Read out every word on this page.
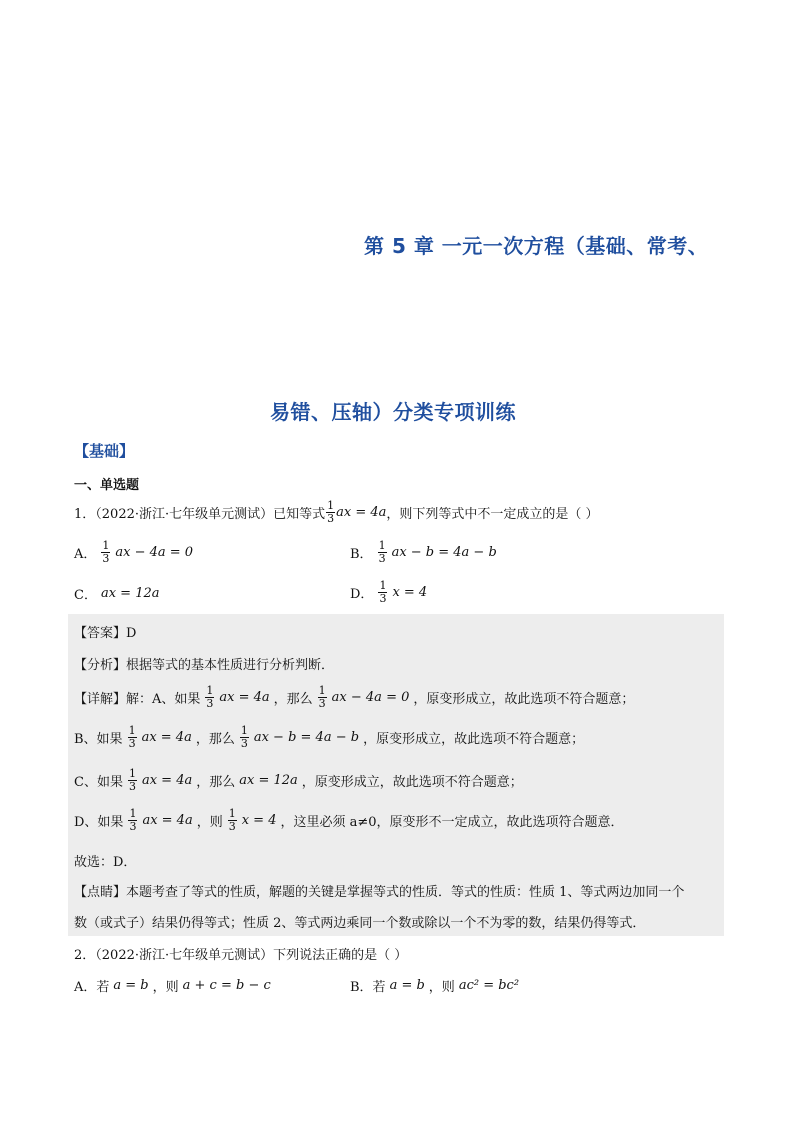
第 5 章 一元一次方程（基础、常考、
易错、压轴）分类专项训练
【基础】
一、单选题
1．（2022·浙江·七年级单元测试）已知等式 $\frac{1}{3}$ ax = 4a ，则下列等式中不一定成立的是（ ）
A． $\frac{1}{3}$ ax − 4a = 0	B． $\frac{1}{3}$ ax − b = 4a − b
C． ax = 12a	D． $\frac{1}{3}$ x = 4
【答案】D
【分析】根据等式的基本性质进行分析判断．
【详解】解：A、如果 $\frac{1}{3}$ ax = 4a ，那么 $\frac{1}{3}$ ax − 4a = 0 ，原变形成立，故此选项不符合题意；
B、如果 $\frac{1}{3}$ ax = 4a ，那么 $\frac{1}{3}$ ax − b = 4a − b ，原变形成立，故此选项不符合题意；
C、如果 $\frac{1}{3}$ ax = 4a ，那么 ax = 12a ，原变形成立，故此选项不符合题意；
D、如果 $\frac{1}{3}$ ax = 4a ，则 $\frac{1}{3}$ x = 4 ，这里必须 a≠0，原变形不一定成立，故此选项符合题意．
故选：D．
【点睛】本题考查了等式的性质，解题的关键是掌握等式的性质．等式的性质：性质 1、等式两边加同一个
数（或式子）结果仍得等式；性质 2、等式两边乘同一个数或除以一个不为零的数，结果仍得等式．
2．（2022·浙江·七年级单元测试）下列说法正确的是（ ）
A．若 a = b ，则 a + c = b − c	B．若 a = b ，则 ac² = bc²
